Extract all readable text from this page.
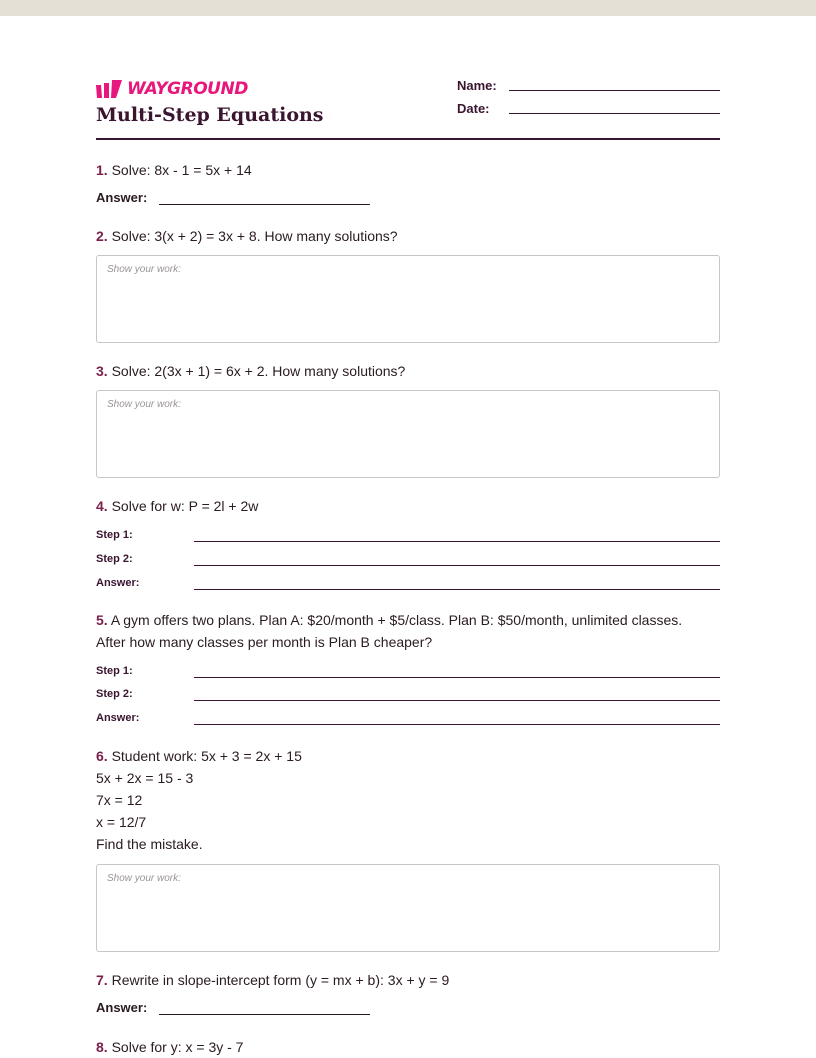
WAYGROUND
Multi-Step Equations
Name:
Date:
1. Solve: 8x - 1 = 5x + 14
Answer:
2. Solve: 3(x + 2) = 3x + 8. How many solutions?
Show your work:
3. Solve: 2(3x + 1) = 6x + 2. How many solutions?
Show your work:
4. Solve for w: P = 2l + 2w
Step 1:
Step 2:
Answer:
5. A gym offers two plans. Plan A: $20/month + $5/class. Plan B: $50/month, unlimited classes.
After how many classes per month is Plan B cheaper?
Step 1:
Step 2:
Answer:
6. Student work: 5x + 3 = 2x + 15
5x + 2x = 15 - 3
7x = 12
x = 12/7
Find the mistake.
Show your work:
7. Rewrite in slope-intercept form (y = mx + b): 3x + y = 9
Answer:
8. Solve for y: x = 3y - 7
